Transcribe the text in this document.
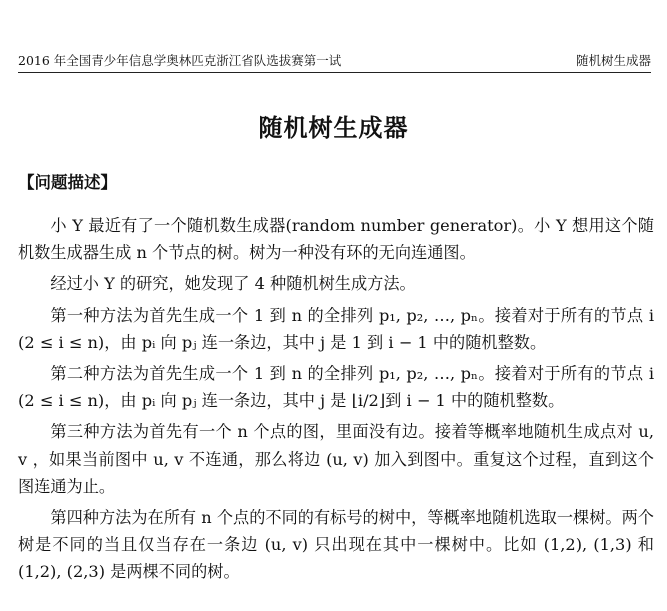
2016 年全国青少年信息学奥林匹克浙江省队选拔赛第一试	随机树生成器
随机树生成器
【问题描述】

小 Y 最近有了一个随机数生成器(random number generator)。小 Y 想用这个随机数生成器生成 n 个节点的树。树为一种没有环的无向连通图。

经过小 Y 的研究，她发现了 4 种随机树生成方法。

第一种方法为首先生成一个 1 到 n 的全排列 p₁, p₂, …, pₙ。接着对于所有的节点 i (2 ≤ i ≤ n)，由 pᵢ 向 pⱼ 连一条边，其中 j 是 1 到 i − 1 中的随机整数。

第二种方法为首先生成一个 1 到 n 的全排列 p₁, p₂, …, pₙ。接着对于所有的节点 i (2 ≤ i ≤ n)，由 pᵢ 向 pⱼ 连一条边，其中 j 是 ⌊i/2⌋到 i − 1 中的随机整数。

第三种方法为首先有一个 n 个点的图，里面没有边。接着等概率地随机生成点对 u, v ，如果当前图中 u, v 不连通，那么将边 (u, v) 加入到图中。重复这个过程，直到这个图连通为止。

第四种方法为在所有 n 个点的不同的有标号的树中，等概率地随机选取一棵树。两个树是不同的当且仅当存在一条边 (u, v) 只出现在其中一棵树中。比如 (1,2), (1,3) 和 (1,2), (2,3) 是两棵不同的树。
